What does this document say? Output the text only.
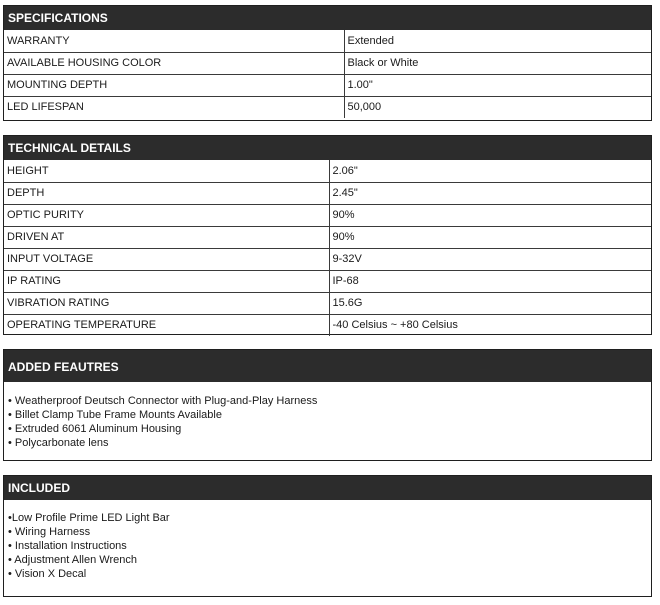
SPECIFICATIONS
WARRANTY	Extended
AVAILABLE HOUSING COLOR	Black or White
MOUNTING DEPTH	1.00"
LED LIFESPAN	50,000
TECHNICAL DETAILS
HEIGHT	2.06"
DEPTH	2.45"
OPTIC PURITY	90%
DRIVEN AT	90%
INPUT VOLTAGE	9-32V
IP RATING	IP-68
VIBRATION RATING	15.6G
OPERATING TEMPERATURE	-40 Celsius ~ +80 Celsius
ADDED FEAUTRES
• Weatherproof Deutsch Connector with Plug-and-Play Harness
• Billet Clamp Tube Frame Mounts Available
• Extruded 6061 Aluminum Housing
• Polycarbonate lens
INCLUDED
•Low Profile Prime LED Light Bar
• Wiring Harness
• Installation Instructions
• Adjustment Allen Wrench
• Vision X Decal
